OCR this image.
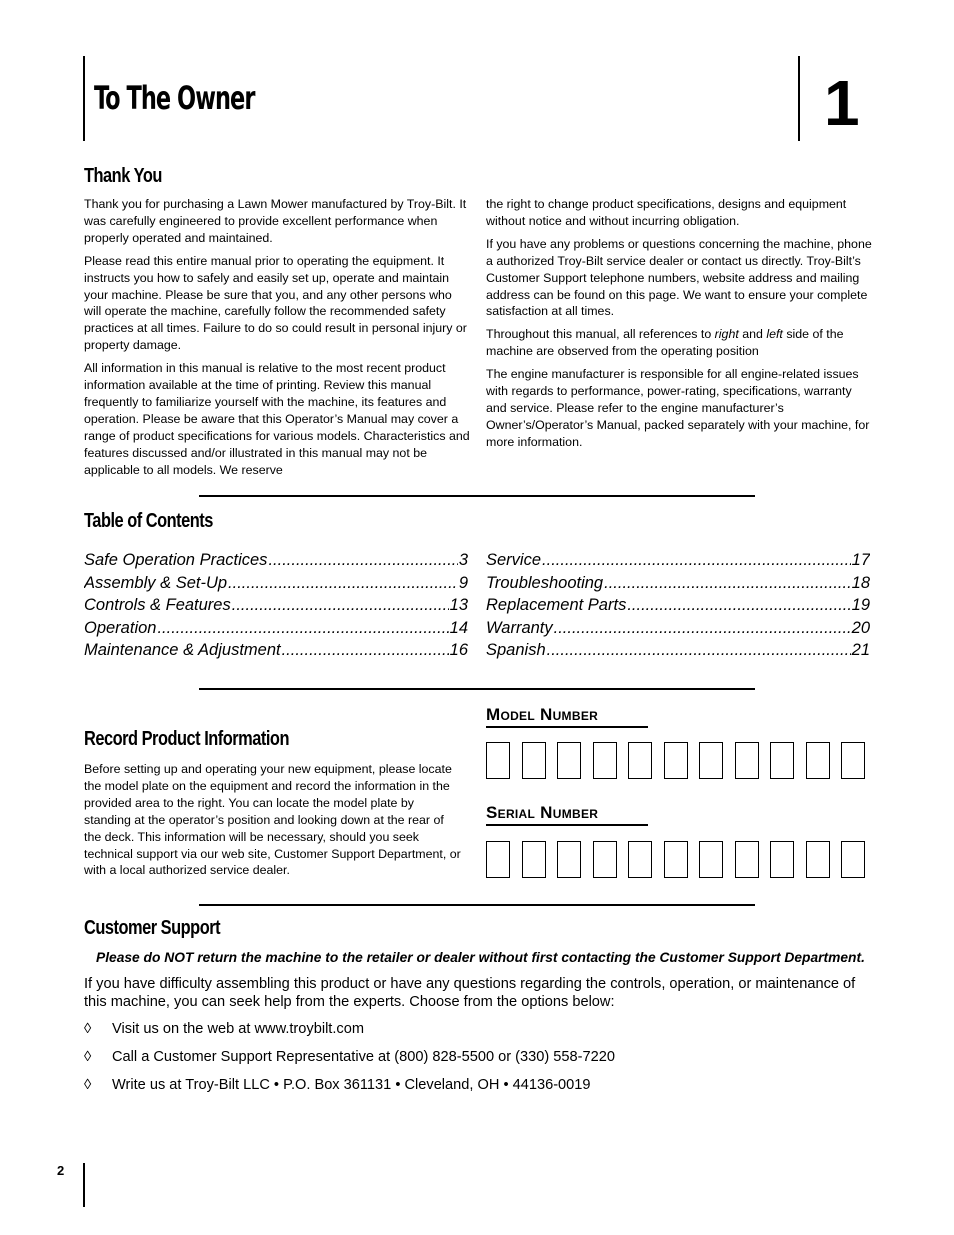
To The Owner	1
Thank You

Thank you for purchasing a Lawn Mower manufactured by Troy-Bilt. It was carefully engineered to provide excellent performance when properly operated and maintained.

Please read this entire manual prior to operating the equipment. It instructs you how to safely and easily set up, operate and maintain your machine. Please be sure that you, and any other persons who will operate the machine, carefully follow the recommended safety practices at all times. Failure to do so could result in personal injury or property damage.

All information in this manual is relative to the most recent product information available at the time of printing. Review this manual frequently to familiarize yourself with the machine, its features and operation. Please be aware that this Operator’s Manual may cover a range of product specifications for various models. Characteristics and features discussed and/or illustrated in this manual may not be applicable to all models. We reserve

the right to change product specifications, designs and equipment without notice and without incurring obligation.

If you have any problems or questions concerning the machine, phone a authorized Troy-Bilt service dealer or contact us directly. Troy-Bilt’s Customer Support telephone numbers, website address and mailing address can be found on this page. We want to ensure your complete satisfaction at all times.

Throughout this manual, all references to right and left side of the machine are observed from the operating position

The engine manufacturer is responsible for all engine-related issues with regards to performance, power-rating, specifications, warranty and service. Please refer to the engine manufacturer’s Owner’s/Operator’s Manual, packed separately with your machine, for more information.

Table of Contents
Safe Operation Practices .....	3
Assembly & Set-Up .....	9
Controls & Features .....	13
Operation .....	14
Maintenance & Adjustment .....	16
Service .....	17
Troubleshooting .....	18
Replacement Parts .....	19
Warranty .....	20
Spanish .....	21
Record Product Information

Before setting up and operating your new equipment, please locate the model plate on the equipment and record the information in the provided area to the right. You can locate the model plate by standing at the operator’s position and looking down at the rear of the deck. This information will be necessary, should you seek technical support via our web site, Customer Support Department, or with a local authorized service dealer.

Model Number
Serial Number
Customer Support
Please do NOT return the machine to the retailer or dealer without first contacting the Customer Support Department.

If you have difficulty assembling this product or have any questions regarding the controls, operation, or maintenance of this machine, you can seek help from the experts. Choose from the options below:

◊ Visit us on the web at www.troybilt.com
◊ Call a Customer Support Representative at (800) 828-5500 or (330) 558-7220
◊ Write us at Troy-Bilt LLC • P.O. Box 361131 • Cleveland, OH • 44136-0019
2
